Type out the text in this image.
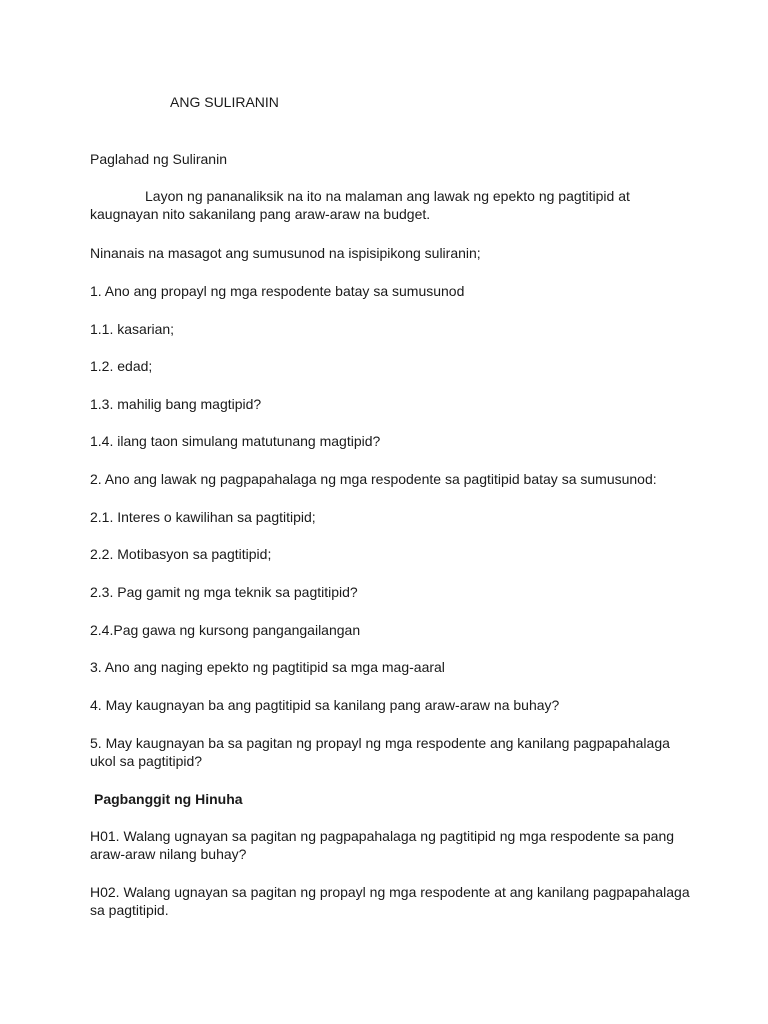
ANG SULIRANIN

Paglahad ng Suliranin

Layon ng pananaliksik na ito na malaman ang lawak ng epekto ng pagtitipid at kaugnayan nito sakanilang pang araw-araw na budget.

Ninanais na masagot ang sumusunod na ispisipikong suliranin;

1. Ano ang propayl ng mga respodente batay sa sumusunod

1.1. kasarian;

1.2. edad;

1.3. mahilig bang magtipid?

1.4. ilang taon simulang matutunang magtipid?

2. Ano ang lawak ng pagpapahalaga ng mga respodente sa pagtitipid batay sa sumusunod:

2.1. Interes o kawilihan sa pagtitipid;

2.2. Motibasyon sa pagtitipid;

2.3. Pag gamit ng mga teknik sa pagtitipid?

2.4.Pag gawa ng kursong pangangailangan

3. Ano ang naging epekto ng pagtitipid sa mga mag-aaral

4. May kaugnayan ba ang pagtitipid sa kanilang pang araw-araw na buhay?

5. May kaugnayan ba sa pagitan ng propayl ng mga respodente ang kanilang pagpapahalaga ukol sa pagtitipid?

Pagbanggit ng Hinuha

H01. Walang ugnayan sa pagitan ng pagpapahalaga ng pagtitipid ng mga respodente sa pang araw-araw nilang buhay?

H02. Walang ugnayan sa pagitan ng propayl ng mga respodente at ang kanilang pagpapahalaga sa pagtitipid.
